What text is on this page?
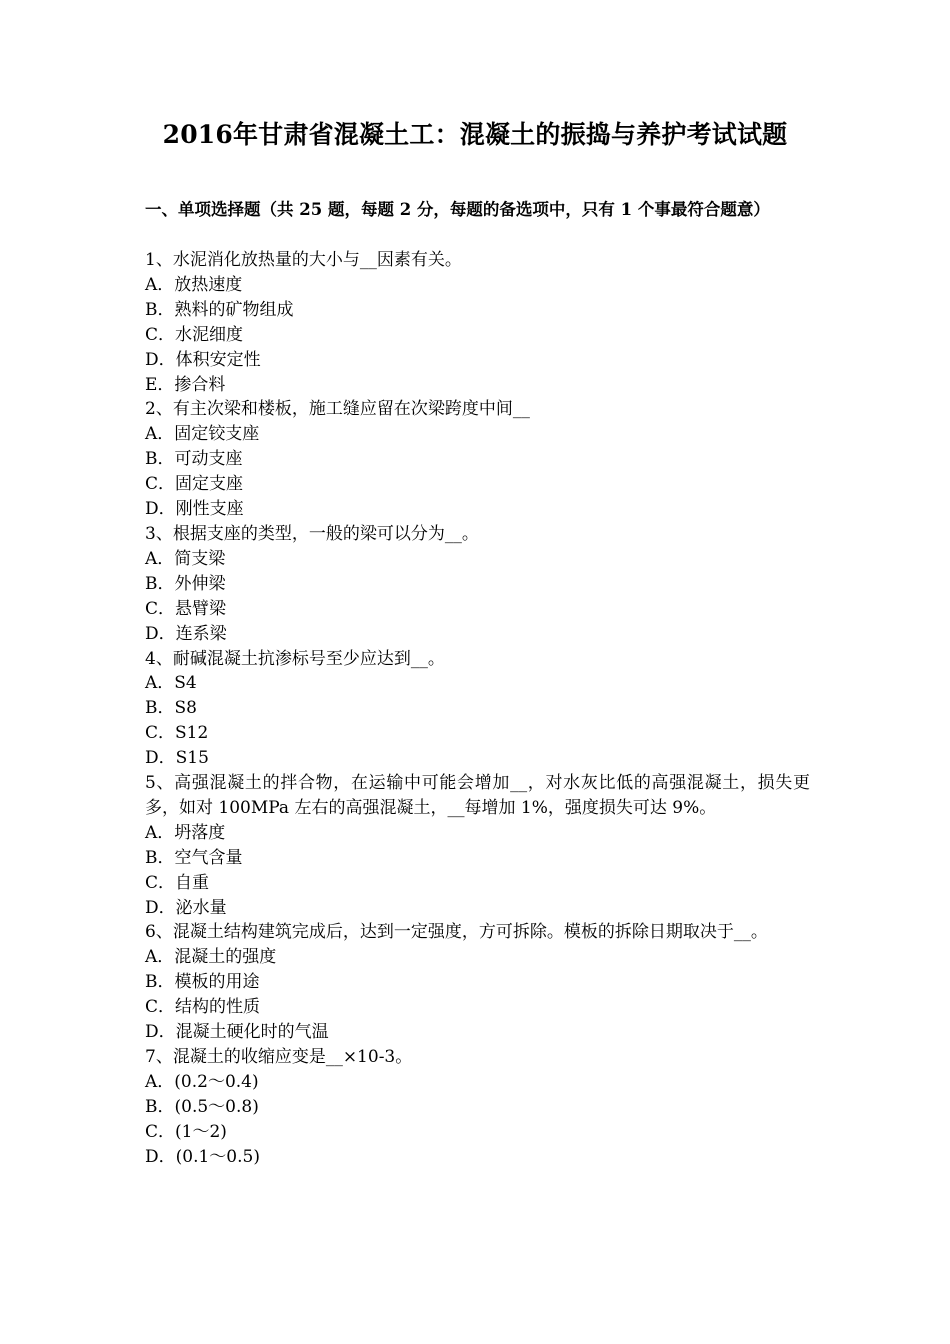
2016年甘肃省混凝土工：混凝土的振捣与养护考试试题

一、单项选择题（共 25 题，每题 2 分，每题的备选项中，只有 1 个事最符合题意）

1、水泥消化放热量的大小与__因素有关。

A．放热速度

B．熟料的矿物组成

C．水泥细度

D．体积安定性

E．掺合料

2、有主次梁和楼板，施工缝应留在次梁跨度中间__

A．固定铰支座

B．可动支座

C．固定支座

D．刚性支座

3、根据支座的类型，一般的梁可以分为__。

A．简支梁

B．外伸梁

C．悬臂梁

D．连系梁

4、耐碱混凝土抗渗标号至少应达到__。

A．S4

B．S8

C．S12

D．S15

5、高强混凝土的拌合物，在运输中可能会增加__，对水灰比低的高强混凝土，损失更多，如对 100MPa 左右的高强混凝土，__每增加 1%，强度损失可达 9%。

A．坍落度

B．空气含量

C．自重

D．泌水量

6、混凝土结构建筑完成后，达到一定强度，方可拆除。模板的拆除日期取决于__。

A．混凝土的强度

B．模板的用途

C．结构的性质

D．混凝土硬化时的气温

7、混凝土的收缩应变是__×10-3。

A．(0.2～0.4)

B．(0.5～0.8)

C．(1～2)

D．(0.1～0.5)
